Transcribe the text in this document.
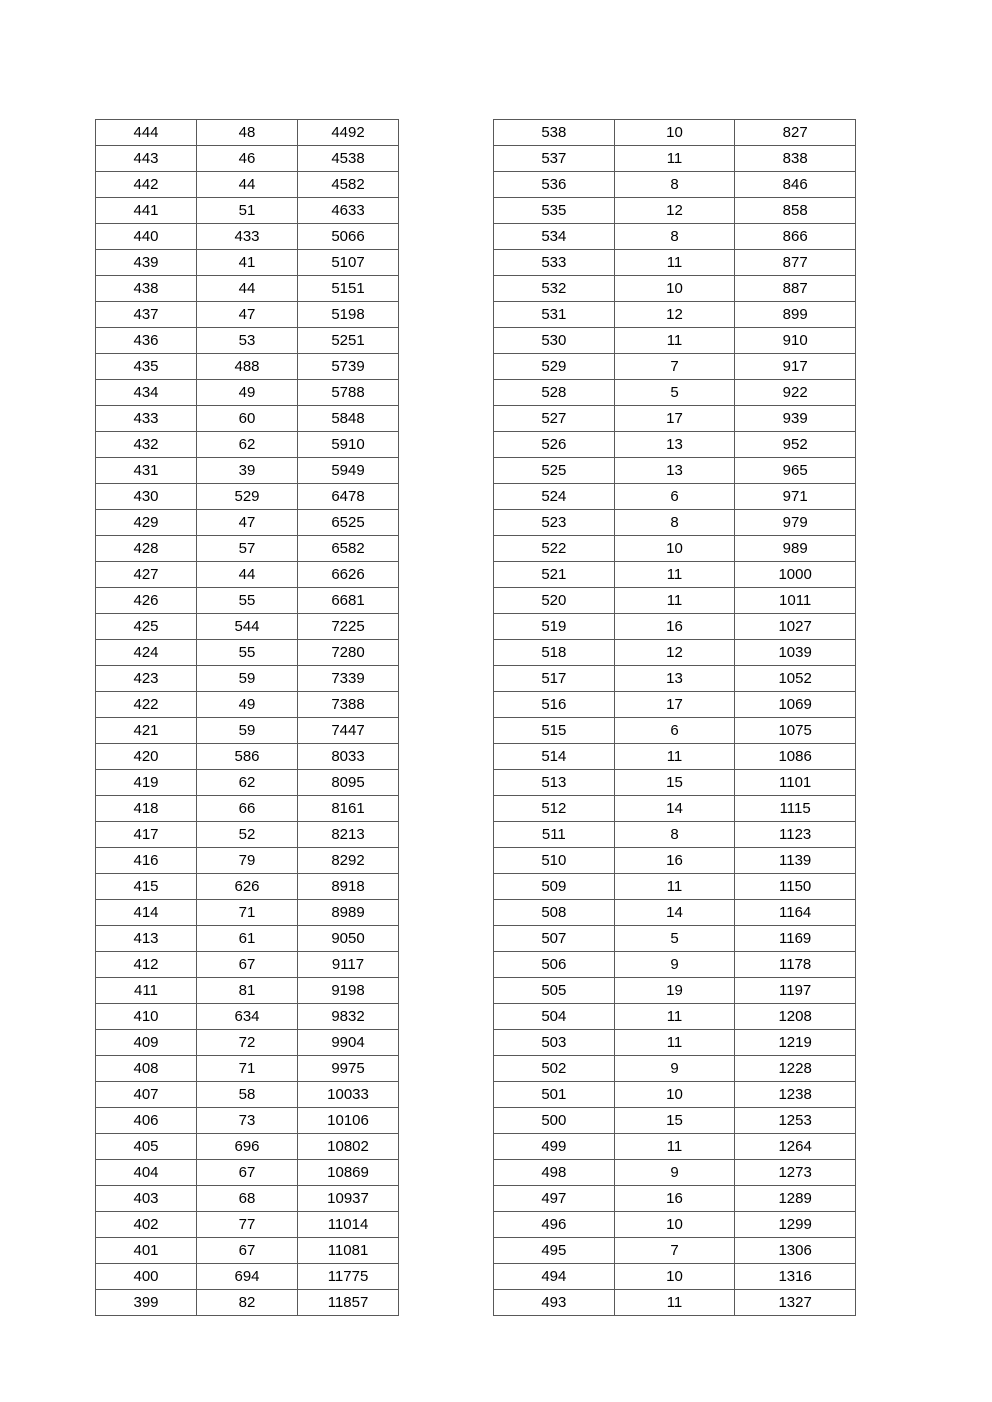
444	48	4492
443	46	4538
442	44	4582
441	51	4633
440	433	5066
439	41	5107
438	44	5151
437	47	5198
436	53	5251
435	488	5739
434	49	5788
433	60	5848
432	62	5910
431	39	5949
430	529	6478
429	47	6525
428	57	6582
427	44	6626
426	55	6681
425	544	7225
424	55	7280
423	59	7339
422	49	7388
421	59	7447
420	586	8033
419	62	8095
418	66	8161
417	52	8213
416	79	8292
415	626	8918
414	71	8989
413	61	9050
412	67	9117
411	81	9198
410	634	9832
409	72	9904
408	71	9975
407	58	10033
406	73	10106
405	696	10802
404	67	10869
403	68	10937
402	77	11014
401	67	11081
400	694	11775
399	82	11857
538	10	827
537	11	838
536	8	846
535	12	858
534	8	866
533	11	877
532	10	887
531	12	899
530	11	910
529	7	917
528	5	922
527	17	939
526	13	952
525	13	965
524	6	971
523	8	979
522	10	989
521	11	1000
520	11	1011
519	16	1027
518	12	1039
517	13	1052
516	17	1069
515	6	1075
514	11	1086
513	15	1101
512	14	1115
511	8	1123
510	16	1139
509	11	1150
508	14	1164
507	5	1169
506	9	1178
505	19	1197
504	11	1208
503	11	1219
502	9	1228
501	10	1238
500	15	1253
499	11	1264
498	9	1273
497	16	1289
496	10	1299
495	7	1306
494	10	1316
493	11	1327
